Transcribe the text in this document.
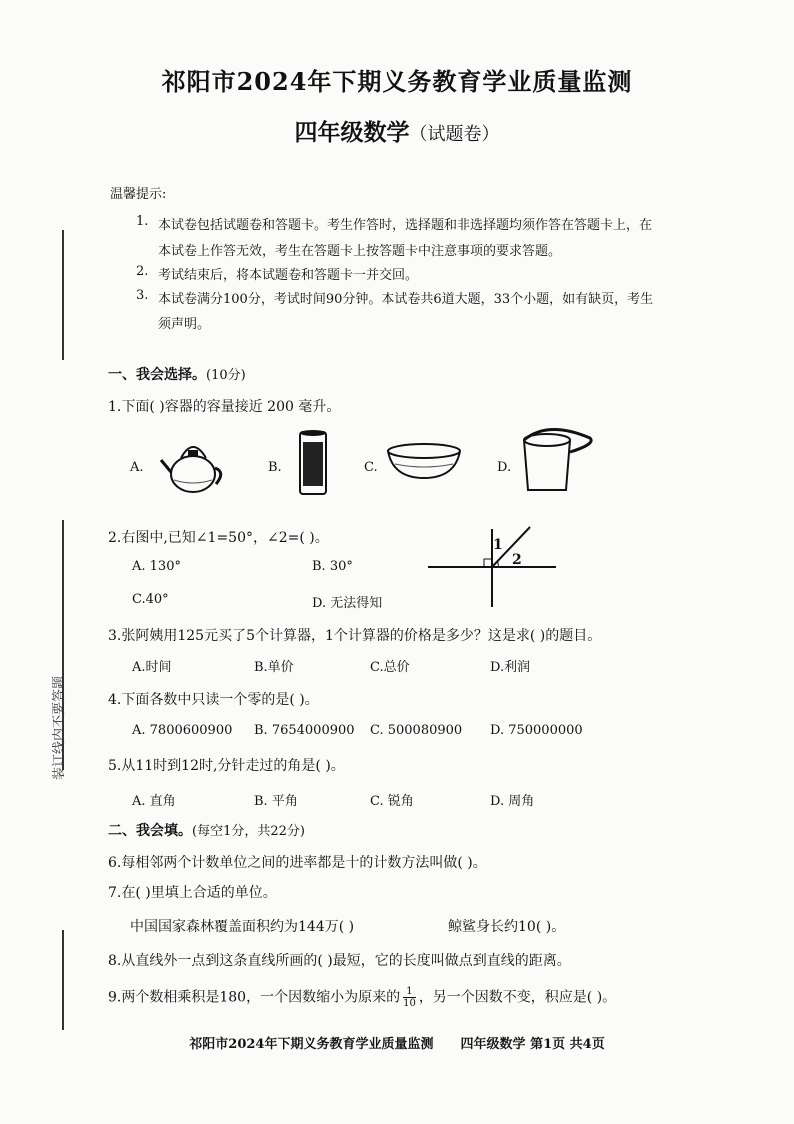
装订线内不要答题
祁阳市2024年下期义务教育学业质量监测
四年级数学（试题卷）
温馨提示:
1. 本试卷包括试题卷和答题卡。考生作答时，选择题和非选择题均须作答在答题卡上，在
本试卷上作答无效，考生在答题卡上按答题卡中注意事项的要求答题。
2. 考试结束后，将本试题卷和答题卡一并交回。
3. 本试卷满分100分，考试时间90分钟。本试卷共6道大题，33个小题，如有缺页，考生
须声明。
一、我会选择。(10分)
1.下面( )容器的容量接近 200 毫升。
A.	B.	C.	D.
2.右图中,已知∠1=50°，∠2=( )。
A. 130°	B. 30°
C.40°	D. 无法得知
1
2
3.张阿姨用125元买了5个计算器，1个计算器的价格是多少？这是求( )的题目。
A.时间	B.单价	C.总价	D.利润
4.下面各数中只读一个零的是( )。
A. 7800600900 B. 7654000900 C. 500080900 D. 750000000
5.从11时到12时,分针走过的角是( )。
A. 直角	B. 平角	C. 锐角	D. 周角
二、我会填。(每空1分，共22分)
6.每相邻两个计数单位之间的进率都是十的计数方法叫做( )。
7.在( )里填上合适的单位。
中国国家森林覆盖面积约为144万( )	鲸鲨身长约10( )。
8.从直线外一点到这条直线所画的( )最短，它的长度叫做点到直线的距离。
9.两个数相乘积是180，一个因数缩小为原来的 $\frac{1}{10}$ ，另一个因数不变，积应是( )。
祁阳市2024年下期义务教育学业质量监测 四年级数学 第1页 共4页
